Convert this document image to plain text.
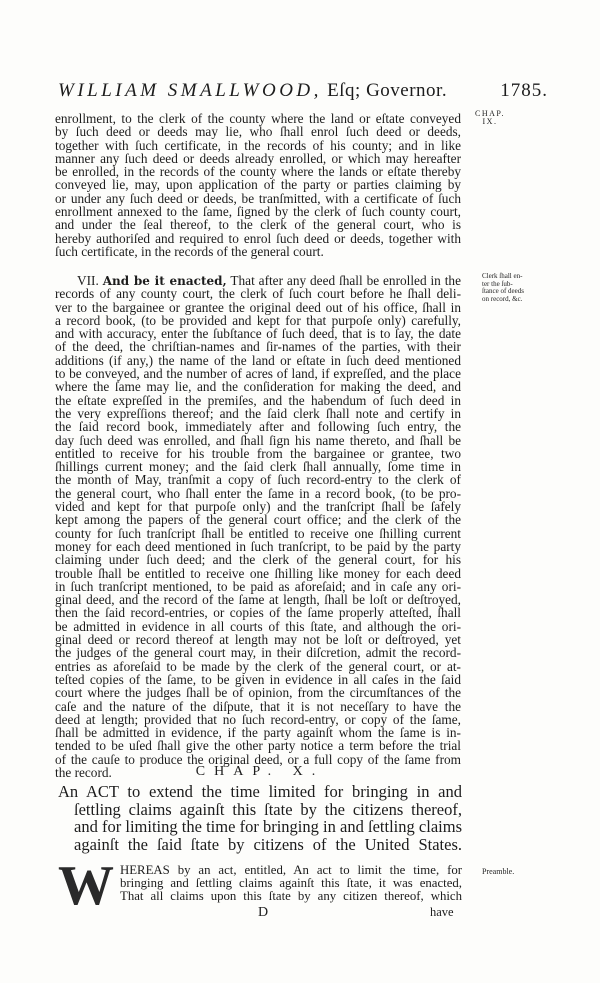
WILLIAM SMALLWOOD, Eſq; Governor.	1785.
CHAP.
IX.
Clerk ſhall en-
ter the ſub-
ſtance of deeds
on record, &c.
Preamble.
enrollment, to the clerk of the county where the land or eſtate conveyed
by ſuch deed or deeds may lie, who ſhall enrol ſuch deed or deeds,
together with ſuch certificate, in the records of his county; and in like
manner any ſuch deed or deeds already enrolled, or which may hereafter
be enrolled, in the records of the county where the lands or eſtate thereby
conveyed lie, may, upon application of the party or parties claiming by
or under any ſuch deed or deeds, be tranſmitted, with a certificate of ſuch
enrollment annexed to the ſame, ſigned by the clerk of ſuch county court,
and under the ſeal thereof, to the clerk of the general court, who is
hereby authoriſed and required to enrol ſuch deed or deeds, together with
ſuch certificate, in the records of the general court.
VII. And be it enacted, That after any deed ſhall be enrolled in the
records of any county court, the clerk of ſuch court before he ſhall deli-
ver to the bargainee or grantee the original deed out of his office, ſhall in
a record book, (to be provided and kept for that purpoſe only) carefully,
and with accuracy, enter the ſubſtance of ſuch deed, that is to ſay, the date
of the deed, the chriſtian-names and ſir-names of the parties, with their
additions (if any,) the name of the land or eſtate in ſuch deed mentioned
to be conveyed, and the number of acres of land, if expreſſed, and the place
where the ſame may lie, and the conſideration for making the deed, and
the eſtate expreſſed in the premiſes, and the habendum of ſuch deed in
the very expreſſions thereof; and the ſaid clerk ſhall note and certify in
the ſaid record book, immediately after and following ſuch entry, the
day ſuch deed was enrolled, and ſhall ſign his name thereto, and ſhall be
entitled to receive for his trouble from the bargainee or grantee, two
ſhillings current money; and the ſaid clerk ſhall annually, ſome time in
the month of May, tranſmit a copy of ſuch record-entry to the clerk of
the general court, who ſhall enter the ſame in a record book, (to be pro-
vided and kept for that purpoſe only) and the tranſcript ſhall be ſafely
kept among the papers of the general court office; and the clerk of the
county for ſuch tranſcript ſhall be entitled to receive one ſhilling current
money for each deed mentioned in ſuch tranſcript, to be paid by the party
claiming under ſuch deed; and the clerk of the general court, for his
trouble ſhall be entitled to receive one ſhilling like money for each deed
in ſuch tranſcript mentioned, to be paid as aforeſaid; and in caſe any ori-
ginal deed, and the record of the ſame at length, ſhall be loſt or deſtroyed,
then the ſaid record-entries, or copies of the ſame properly atteſted, ſhall
be admitted in evidence in all courts of this ſtate, and although the ori-
ginal deed or record thereof at length may not be loſt or deſtroyed, yet
the judges of the general court may, in their diſcretion, admit the record-
entries as aforeſaid to be made by the clerk of the general court, or at-
teſted copies of the ſame, to be given in evidence in all caſes in the ſaid
court where the judges ſhall be of opinion, from the circumſtances of the
caſe and the nature of the diſpute, that it is not neceſſary to have the
deed at length; provided that no ſuch record-entry, or copy of the ſame,
ſhall be admitted in evidence, if the party againſt whom the ſame is in-
tended to be uſed ſhall give the other party notice a term before the trial
of the cauſe to produce the original deed, or a full copy of the ſame from
the record.	CHAP. X.
An ACT to extend the time limited for bringing in and
ſettling claims againſt this ſtate by the citizens thereof,
and for limiting the time for bringing in and ſettling claims
againſt the ſaid ſtate by citizens of the United States.
W HEREAS by an act, entitled, An act to limit the time, for
bringing and ſettling claims againſt this ſtate, it was enacted,
That all claims upon this ſtate by any citizen thereof, which
D	have
